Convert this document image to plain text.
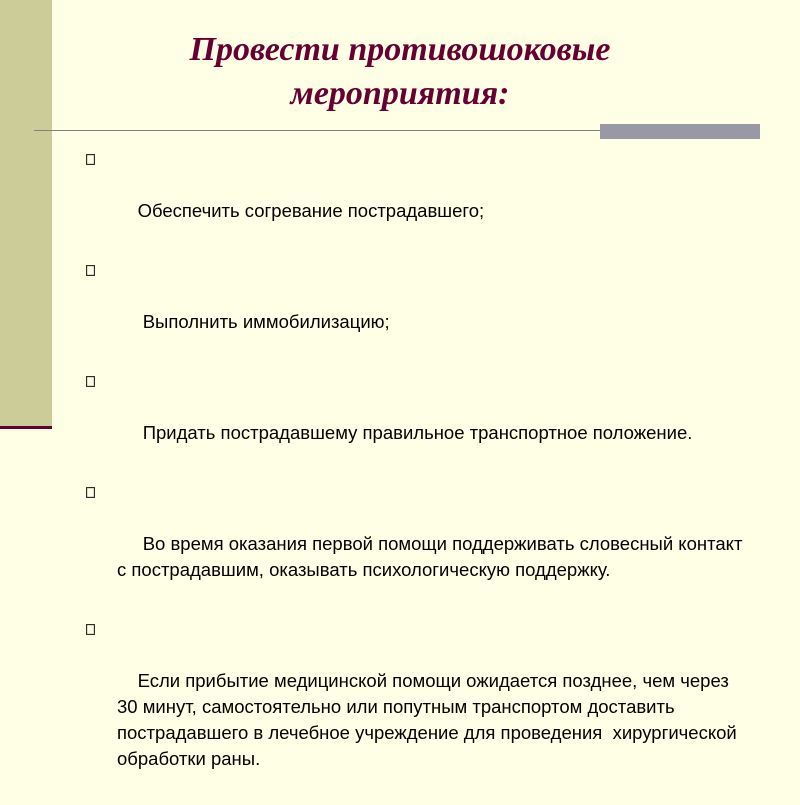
Провести противошоковые
мероприятия:

Обеспечить согревание пострадавшего;

Выполнить иммобилизацию;

Придать пострадавшему правильное транспортное положение.

Во время оказания первой помощи поддерживать словесный контакт с пострадавшим, оказывать психологическую поддержку.

Если прибытие медицинской помощи ожидается позднее, чем через 30 минут, самостоятельно или попутным транспортом доставить пострадавшего в лечебное учреждение для проведения  хирургической обработки раны.
